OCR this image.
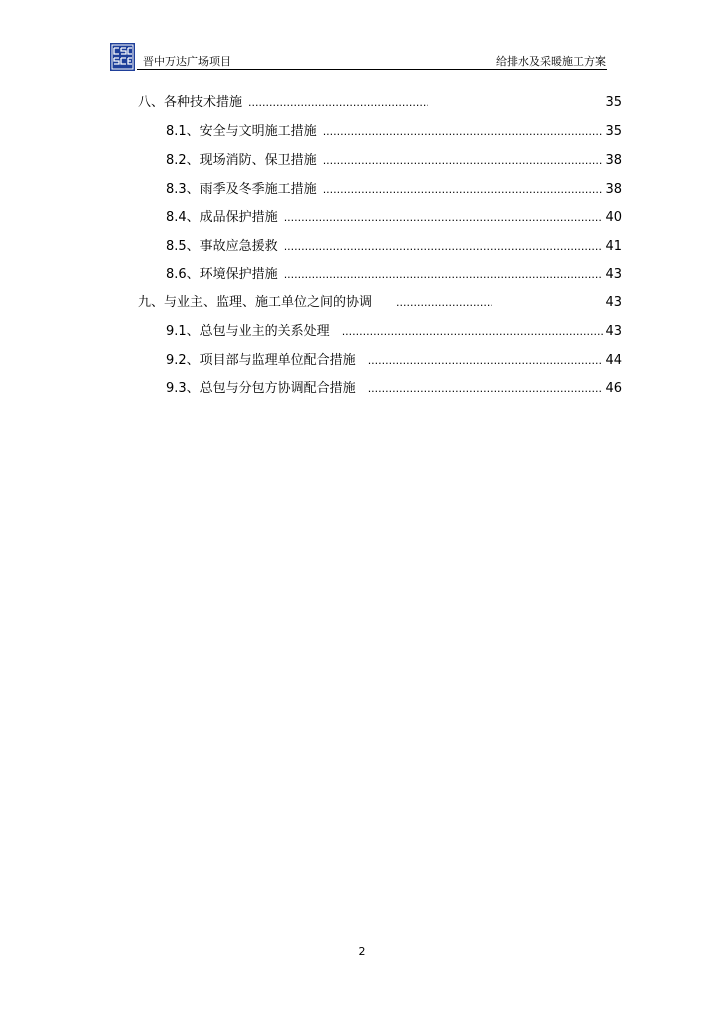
晋中万达广场项目	给排水及采暖施工方案
八、各种技术措施 .....	35
8.1、安全与文明施工措施 .....	35
8.2、现场消防、保卫措施 .....	38
8.3、雨季及冬季施工措施 .....	38
8.4、成品保护措施 .....	40
8.5、事故应急援救 .....	41
8.6、环境保护措施 .....	43
九、与业主、监理、施工单位之间的协调 .....	43
9.1、总包与业主的关系处理 .....	43
9.2、项目部与监理单位配合措施 .....	44
9.3、总包与分包方协调配合措施 .....	46
2
